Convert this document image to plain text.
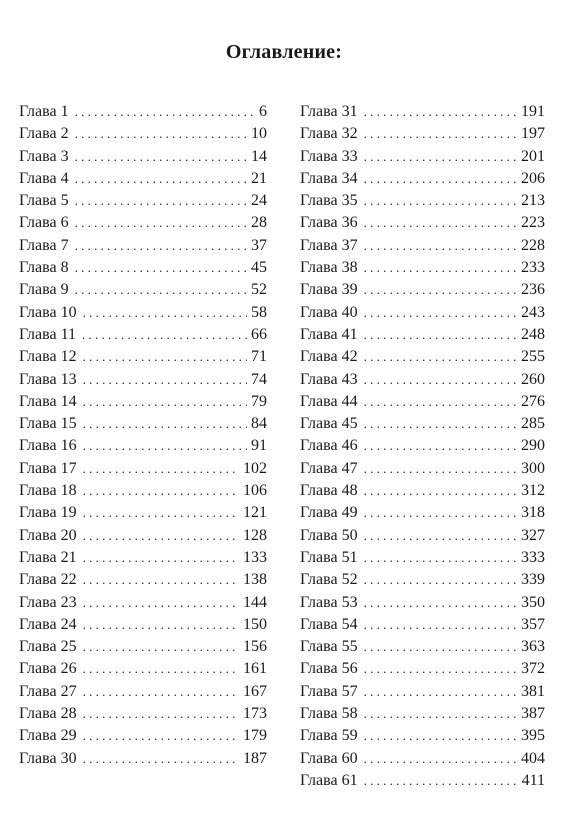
Оглавление:
Глава 1 . . .	6
Глава 2 . . .	10
Глава 3 . . .	14
Глава 4 . . .	21
Глава 5 . . .	24
Глава 6 . . .	28
Глава 7 . . .	37
Глава 8 . . .	45
Глава 9 . . .	52
Глава 10 . . .	58
Глава 11 . . .	66
Глава 12 . . .	71
Глава 13 . . .	74
Глава 14 . . .	79
Глава 15 . . .	84
Глава 16 . . .	91
Глава 17 . . .	102
Глава 18 . . .	106
Глава 19 . . .	121
Глава 20 . . .	128
Глава 21 . . .	133
Глава 22 . . .	138
Глава 23 . . .	144
Глава 24 . . .	150
Глава 25 . . .	156
Глава 26 . . .	161
Глава 27 . . .	167
Глава 28 . . .	173
Глава 29 . . .	179
Глава 30 . . .	187
Глава 31 . . .	191
Глава 32 . . .	197
Глава 33 . . .	201
Глава 34 . . .	206
Глава 35 . . .	213
Глава 36 . . .	223
Глава 37 . . .	228
Глава 38 . . .	233
Глава 39 . . .	236
Глава 40 . . .	243
Глава 41 . . .	248
Глава 42 . . .	255
Глава 43 . . .	260
Глава 44 . . .	276
Глава 45 . . .	285
Глава 46 . . .	290
Глава 47 . . .	300
Глава 48 . . .	312
Глава 49 . . .	318
Глава 50 . . .	327
Глава 51 . . .	333
Глава 52 . . .	339
Глава 53 . . .	350
Глава 54 . . .	357
Глава 55 . . .	363
Глава 56 . . .	372
Глава 57 . . .	381
Глава 58 . . .	387
Глава 59 . . .	395
Глава 60 . . .	404
Глава 61 . . .	411
